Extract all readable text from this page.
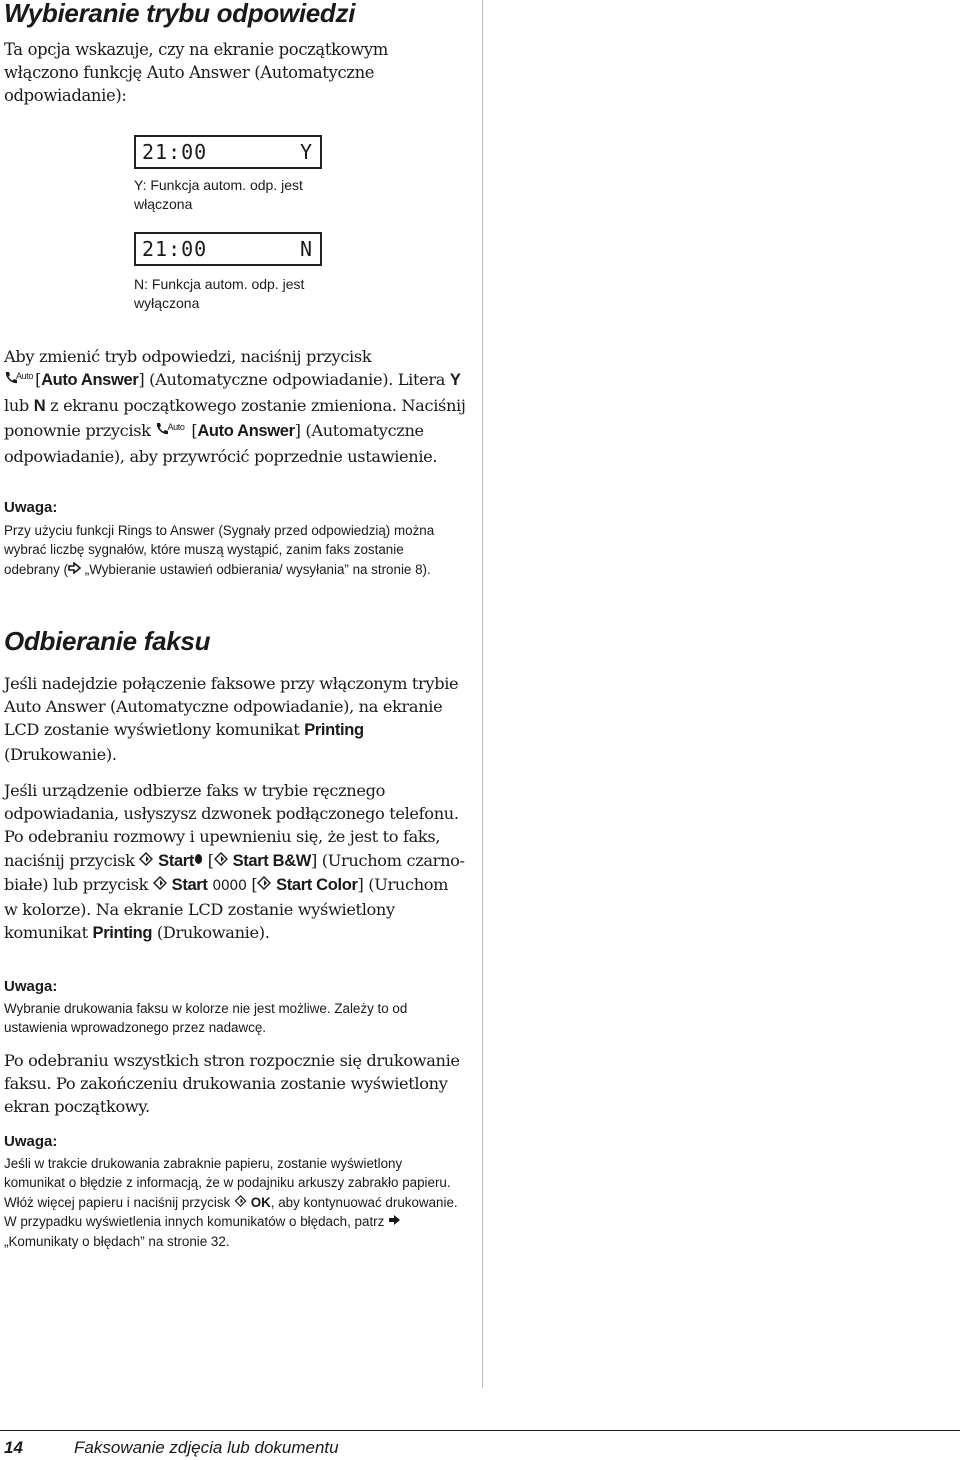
Wybieranie trybu odpowiedzi

Ta opcja wskazuje, czy na ekranie początkowym włączono funkcję Auto Answer (Automatyczne odpowiadanie):

21:00	Y

Y: Funkcja autom. odp. jest włączona

21:00	N

N: Funkcja autom. odp. jest wyłączona

Aby zmienić tryb odpowiedzi, naciśnij przycisk
$^{Auto}$ [Auto Answer] (Automatyczne odpowiadanie). Litera Y lub N z ekranu początkowego zostanie zmieniona. Naciśnij ponownie przycisk $^{Auto}$ [Auto Answer] (Automatyczne odpowiadanie), aby przywrócić poprzednie ustawienie.

Uwaga:

Przy użyciu funkcji Rings to Answer (Sygnały przed odpowiedzią) można wybrać liczbę sygnałów, które muszą wystąpić, zanim faks zostanie odebrany ( „Wybieranie ustawień odbierania/ wysyłania” na stronie 8).

Odbieranie faksu

Jeśli nadejdzie połączenie faksowe przy włączonym trybie Auto Answer (Automatyczne odpowiadanie), na ekranie LCD zostanie wyświetlony komunikat Printing (Drukowanie).

Jeśli urządzenie odbierze faks w trybie ręcznego odpowiadania, usłyszysz dzwonek podłączonego telefonu. Po odebraniu rozmowy i upewnieniu się, że jest to faks, naciśnij przycisk  Start [ Start B&W] (Uruchom czarno-białe) lub przycisk  Start 0000 [ Start Color] (Uruchom w kolorze). Na ekranie LCD zostanie wyświetlony komunikat Printing (Drukowanie).

Uwaga:

Wybranie drukowania faksu w kolorze nie jest możliwe. Zależy to od ustawienia wprowadzonego przez nadawcę.

Po odebraniu wszystkich stron rozpocznie się drukowanie faksu. Po zakończeniu drukowania zostanie wyświetlony ekran początkowy.

Uwaga:

Jeśli w trakcie drukowania zabraknie papieru, zostanie wyświetlony komunikat o błędzie z informacją, że w podajniku arkuszy zabrakło papieru. Włóż więcej papieru i naciśnij przycisk  OK, aby kontynuować drukowanie. W przypadku wyświetlenia innych komunikatów o błędach, patrz  „Komunikaty o błędach” na stronie 32.

14	Faksowanie zdjęcia lub dokumentu
